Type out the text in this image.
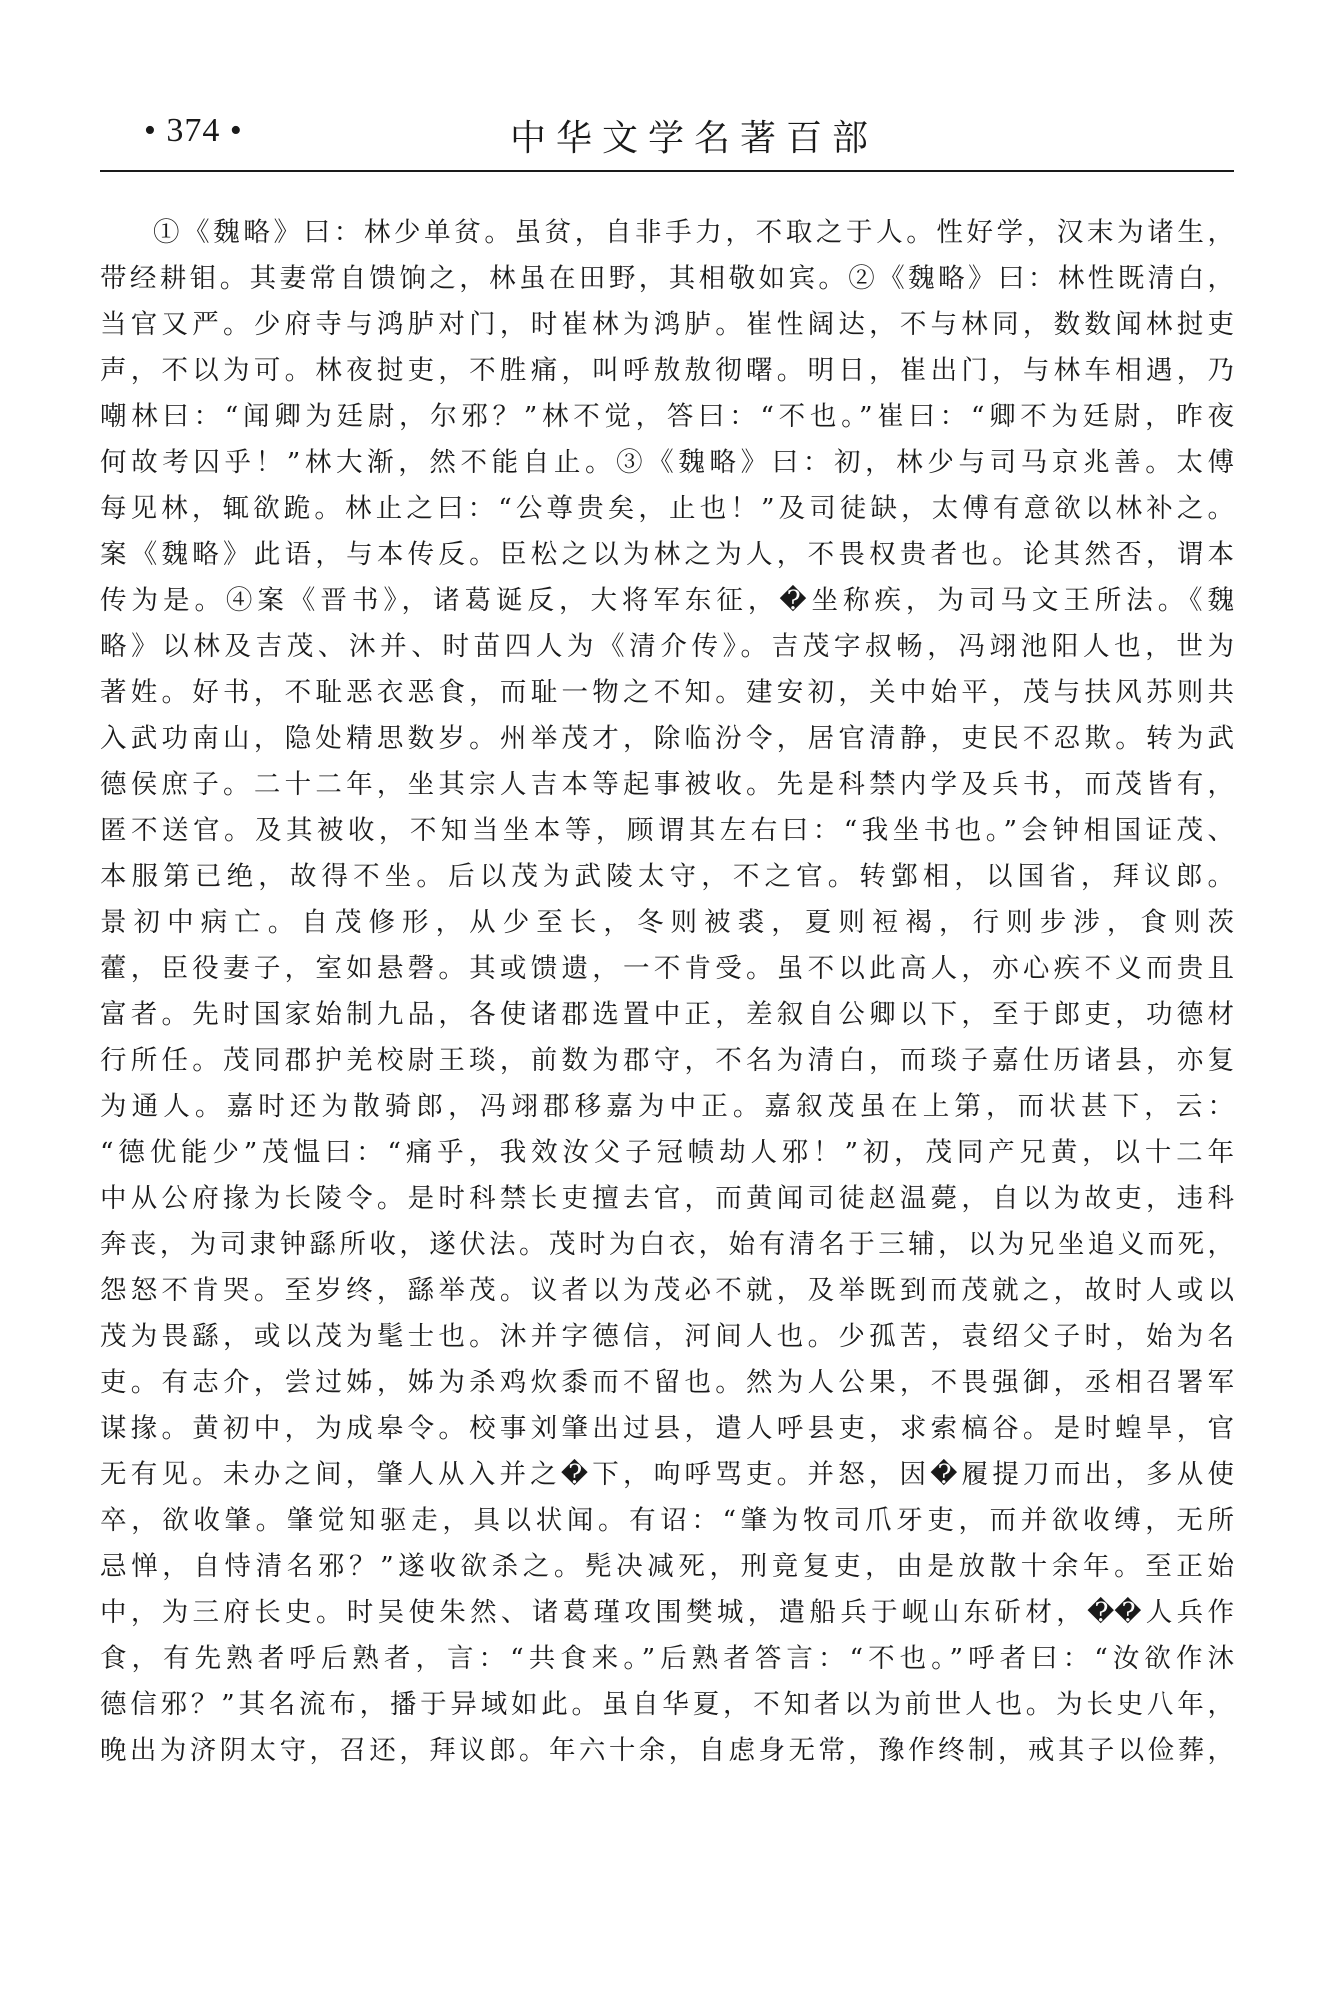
• 374 •	中华文学名著百部
①《魏略》曰：林少单贫。虽贫，自非手力，不取之于人。性好学，汉末为诸生，
带经耕钼。其妻常自馈饷之，林虽在田野，其相敬如宾。②《魏略》曰：林性既清白，
当官又严。少府寺与鸿胪对门，时崔林为鸿胪。崔性阔达，不与林同，数数闻林挝吏
声，不以为可。林夜挝吏，不胜痛，叫呼敖敖彻曙。明日，崔出门，与林车相遇，乃
嘲林曰：“闻卿为廷尉，尔邪？”林不觉，答曰：“不也。”崔曰：“卿不为廷尉，昨夜
何故考囚乎！”林大渐，然不能自止。③《魏略》曰：初，林少与司马京兆善。太傅
每见林，辄欲跪。林止之曰：“公尊贵矣，止也！”及司徒缺，太傅有意欲以林补之。
案《魏略》此语，与本传反。臣松之以为林之为人，不畏权贵者也。论其然否，谓本
传为是。④案《晋书》，诸葛诞反，大将军东征，�坐称疾，为司马文王所法。《魏
略》以林及吉茂、沐并、时苗四人为《清介传》。吉茂字叔畅，冯翊池阳人也，世为
著姓。好书，不耻恶衣恶食，而耻一物之不知。建安初，关中始平，茂与扶风苏则共
入武功南山，隐处精思数岁。州举茂才，除临汾令，居官清静，吏民不忍欺。转为武
德侯庶子。二十二年，坐其宗人吉本等起事被收。先是科禁内学及兵书，而茂皆有，
匿不送官。及其被收，不知当坐本等，顾谓其左右曰：“我坐书也。”会钟相国证茂、
本服第已绝，故得不坐。后以茂为武陵太守，不之官。转䣘相，以国省，拜议郎。
景初中病亡。自茂修形，从少至长，冬则被裘，夏则裋褐，行则步涉，食则茨
藿，臣役妻子，室如悬磬。其或馈遗，一不肯受。虽不以此高人，亦心疾不义而贵且
富者。先时国家始制九品，各使诸郡选置中正，差叙自公卿以下，至于郎吏，功德材
行所任。茂同郡护羌校尉王琰，前数为郡守，不名为清白，而琰子嘉仕历诸县，亦复
为通人。嘉时还为散骑郎，冯翊郡移嘉为中正。嘉叙茂虽在上第，而状甚下，云：
“德优能少”茂愠曰：“痛乎，我效汝父子冠帻劫人邪！”初，茂同产兄黄，以十二年
中从公府掾为长陵令。是时科禁长吏擅去官，而黄闻司徒赵温薨，自以为故吏，违科
奔丧，为司隶钟繇所收，遂伏法。茂时为白衣，始有清名于三辅，以为兄坐追义而死，
怨怒不肯哭。至岁终，繇举茂。议者以为茂必不就，及举既到而茂就之，故时人或以
茂为畏繇，或以茂为髦士也。沐并字德信，河间人也。少孤苦，袁绍父子时，始为名
吏。有志介，尝过姊，姊为杀鸡炊黍而不留也。然为人公果，不畏强御，丞相召署军
谋掾。黄初中，为成皋令。校事刘肇出过县，遣人呼县吏，求索槁谷。是时蝗旱，官
无有见。未办之间，肇人从入并之�下，呴呼骂吏。并怒，因�履提刀而出，多从使
卒，欲收肇。肇觉知驱走，具以状闻。有诏：“肇为牧司爪牙吏，而并欲收缚，无所
忌惮，自恃清名邪？”遂收欲杀之。髡决减死，刑竟复吏，由是放散十余年。至正始
中，为三府长史。时吴使朱然、诸葛瑾攻围樊城，遣船兵于岘山东斫材，��人兵作
食，有先熟者呼后熟者，言：“共食来。”后熟者答言：“不也。”呼者曰：“汝欲作沐
德信邪？”其名流布，播于异域如此。虽自华夏，不知者以为前世人也。为长史八年，
晚出为济阴太守，召还，拜议郎。年六十余，自虑身无常，豫作终制，戒其子以俭葬，
